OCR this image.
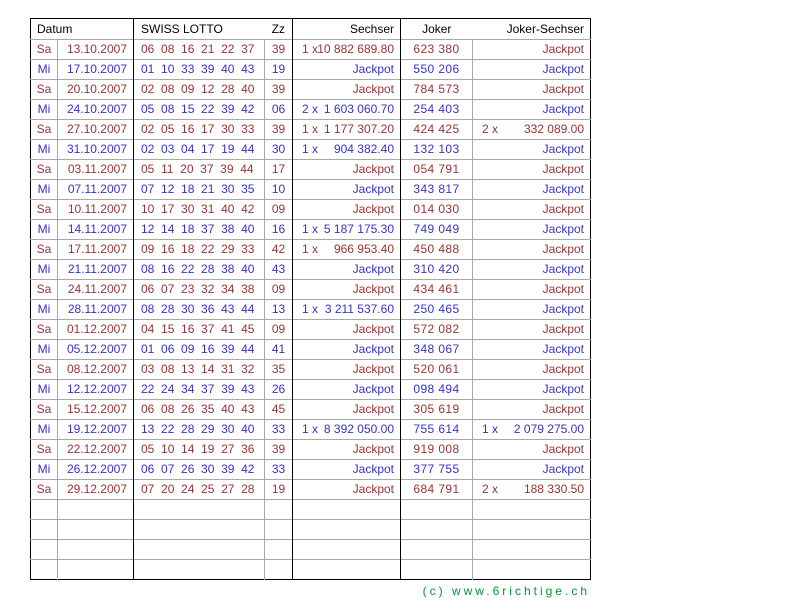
Datum		SWISS LOTTO	Zz	Sechser	Joker	Joker-Sechser
Sa	13.10.2007	06  08  16  21  22  37	39	1 x 10 882 689.80	623 380	Jackpot
Mi	17.10.2007	01  10  33  39  40  43	19	Jackpot	550 206	Jackpot
Sa	20.10.2007	02  08  09  12  28  40	39	Jackpot	784 573	Jackpot
Mi	24.10.2007	05  08  15  22  39  42	06	2 x 1 603 060.70	254 403	Jackpot
Sa	27.10.2007	02  05  16  17  30  33	39	1 x 1 177 307.20	424 425	2 x 332 089.00
Mi	31.10.2007	02  03  04  17  19  44	30	1 x 904 382.40	132 103	Jackpot
Sa	03.11.2007	05  11  20  37  39  44	17	Jackpot	054 791	Jackpot
Mi	07.11.2007	07  12  18  21  30  35	10	Jackpot	343 817	Jackpot
Sa	10.11.2007	10  17  30  31  40  42	09	Jackpot	014 030	Jackpot
Mi	14.11.2007	12  14  18  37  38  40	16	1 x 5 187 175.30	749 049	Jackpot
Sa	17.11.2007	09  16  18  22  29  33	42	1 x 966 953.40	450 488	Jackpot
Mi	21.11.2007	08  16  22  28  38  40	43	Jackpot	310 420	Jackpot
Sa	24.11.2007	06  07  23  32  34  38	09	Jackpot	434 461	Jackpot
Mi	28.11.2007	08  28  30  36  43  44	13	1 x 3 211 537.60	250 465	Jackpot
Sa	01.12.2007	04  15  16  37  41  45	09	Jackpot	572 082	Jackpot
Mi	05.12.2007	01  06  09  16  39  44	41	Jackpot	348 067	Jackpot
Sa	08.12.2007	03  08  13  14  31  32	35	Jackpot	520 061	Jackpot
Mi	12.12.2007	22  24  34  37  39  43	26	Jackpot	098 494	Jackpot
Sa	15.12.2007	06  08  26  35  40  43	45	Jackpot	305 619	Jackpot
Mi	19.12.2007	13  22  28  29  30  40	33	1 x 8 392 050.00	755 614	1 x 2 079 275.00
Sa	22.12.2007	05  10  14  19  27  36	39	Jackpot	919 008	Jackpot
Mi	26.12.2007	06  07  26  30  39  42	33	Jackpot	377 755	Jackpot
Sa	29.12.2007	07  20  24  25  27  28	19	Jackpot	684 791	2 x 188 330.50

(c) www.6richtige.ch
